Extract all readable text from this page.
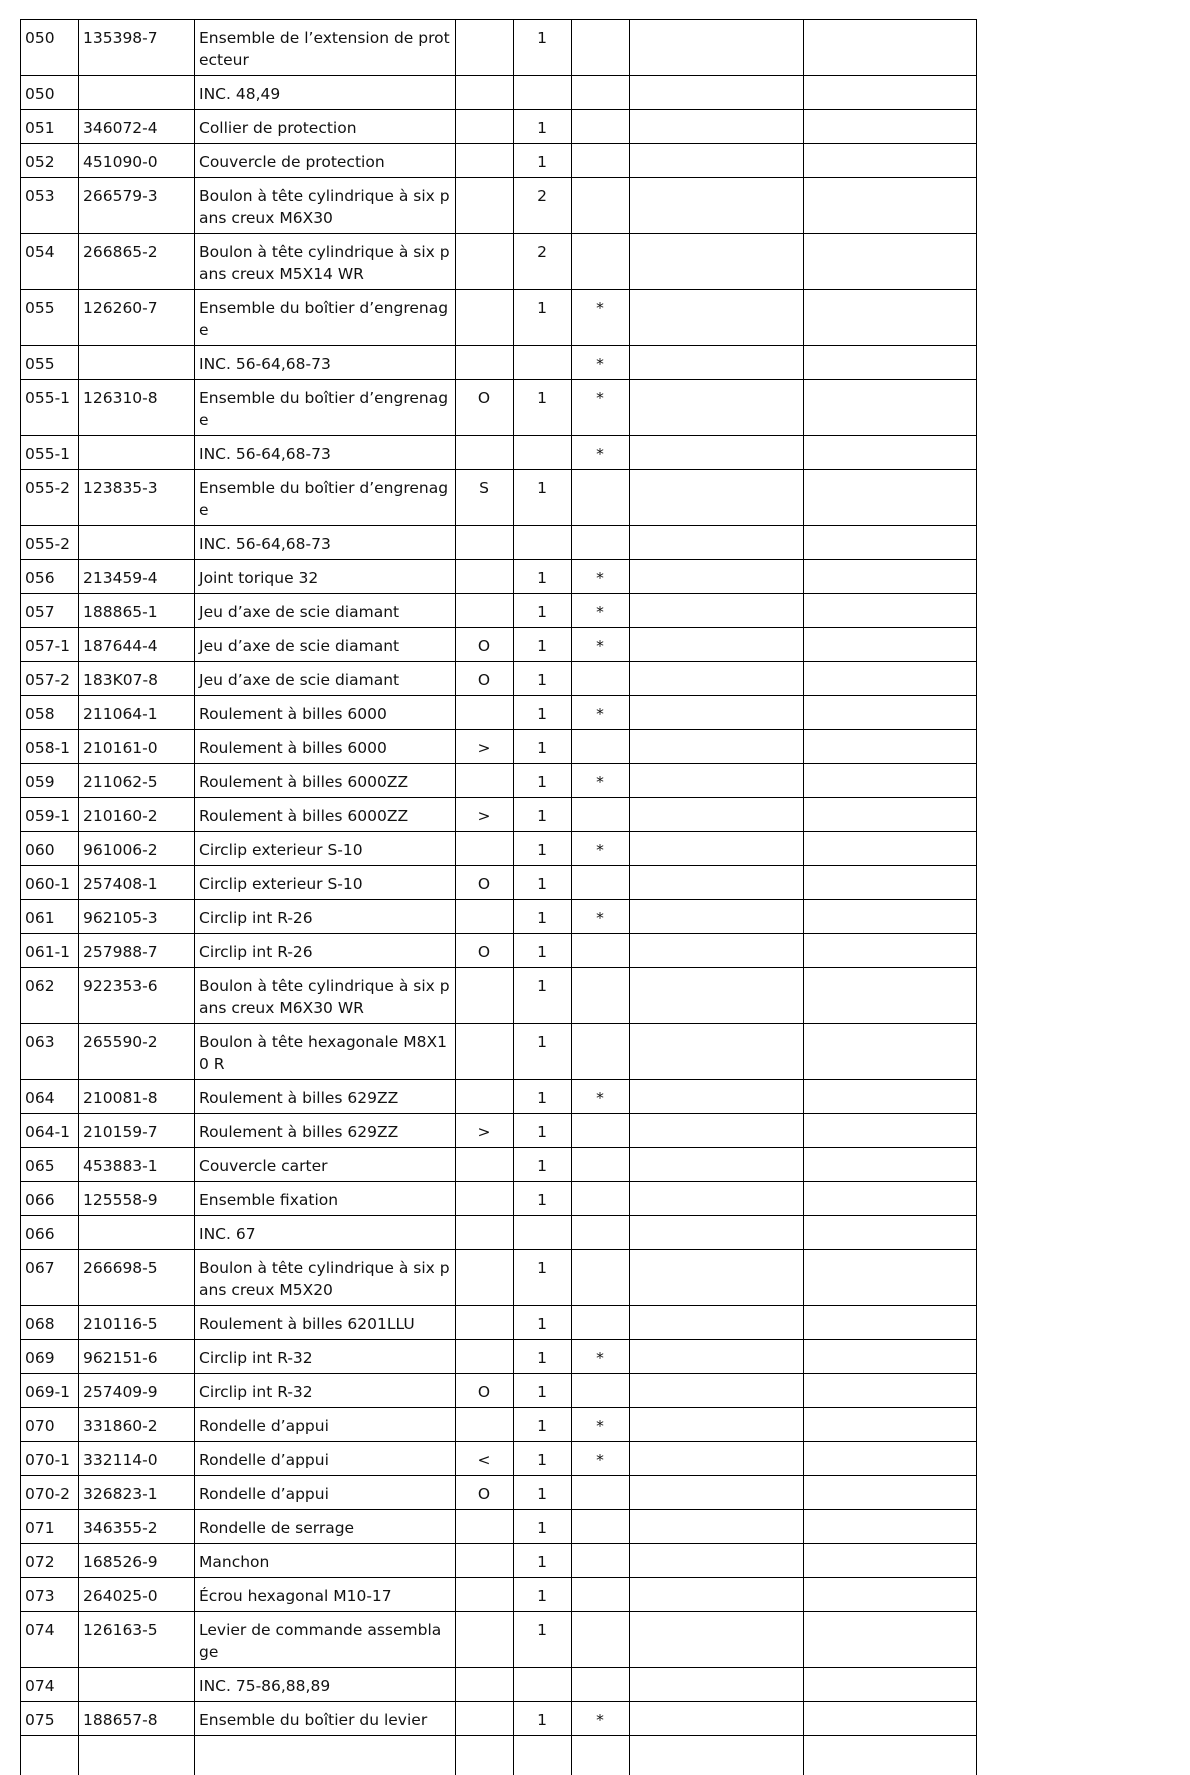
050	135398-7	Ensemble de l’extension de protecteur		1			
050		INC. 48,49					
051	346072-4	Collier de protection		1			
052	451090-0	Couvercle de protection		1			
053	266579-3	Boulon à tête cylindrique à six pans creux M6X30		2			
054	266865-2	Boulon à tête cylindrique à six pans creux M5X14 WR		2			
055	126260-7	Ensemble du boîtier d’engrenage		1	*		
055		INC. 56-64,68-73			*		
055-1	126310-8	Ensemble du boîtier d’engrenage	O	1	*		
055-1		INC. 56-64,68-73			*		
055-2	123835-3	Ensemble du boîtier d’engrenage	S	1			
055-2		INC. 56-64,68-73					
056	213459-4	Joint torique 32		1	*		
057	188865-1	Jeu d’axe de scie diamant		1	*		
057-1	187644-4	Jeu d’axe de scie diamant	O	1	*		
057-2	183K07-8	Jeu d’axe de scie diamant	O	1			
058	211064-1	Roulement à billes 6000		1	*		
058-1	210161-0	Roulement à billes 6000	>	1			
059	211062-5	Roulement à billes 6000ZZ		1	*		
059-1	210160-2	Roulement à billes 6000ZZ	>	1			
060	961006-2	Circlip exterieur S-10		1	*		
060-1	257408-1	Circlip exterieur S-10	O	1			
061	962105-3	Circlip int R-26		1	*		
061-1	257988-7	Circlip int R-26	O	1			
062	922353-6	Boulon à tête cylindrique à six pans creux M6X30 WR		1			
063	265590-2	Boulon à tête hexagonale M8X10 R		1			
064	210081-8	Roulement à billes 629ZZ		1	*		
064-1	210159-7	Roulement à billes 629ZZ	>	1			
065	453883-1	Couvercle carter		1			
066	125558-9	Ensemble fixation		1			
066		INC. 67					
067	266698-5	Boulon à tête cylindrique à six pans creux M5X20		1			
068	210116-5	Roulement à billes 6201LLU		1			
069	962151-6	Circlip int R-32		1	*		
069-1	257409-9	Circlip int R-32	O	1			
070	331860-2	Rondelle d’appui		1	*		
070-1	332114-0	Rondelle d’appui	<	1	*		
070-2	326823-1	Rondelle d’appui	O	1			
071	346355-2	Rondelle de serrage		1			
072	168526-9	Manchon		1			
073	264025-0	Écrou hexagonal M10-17		1			
074	126163-5	Levier de commande assemblage		1			
074		INC. 75-86,88,89					
075	188657-8	Ensemble du boîtier du levier		1	*		
